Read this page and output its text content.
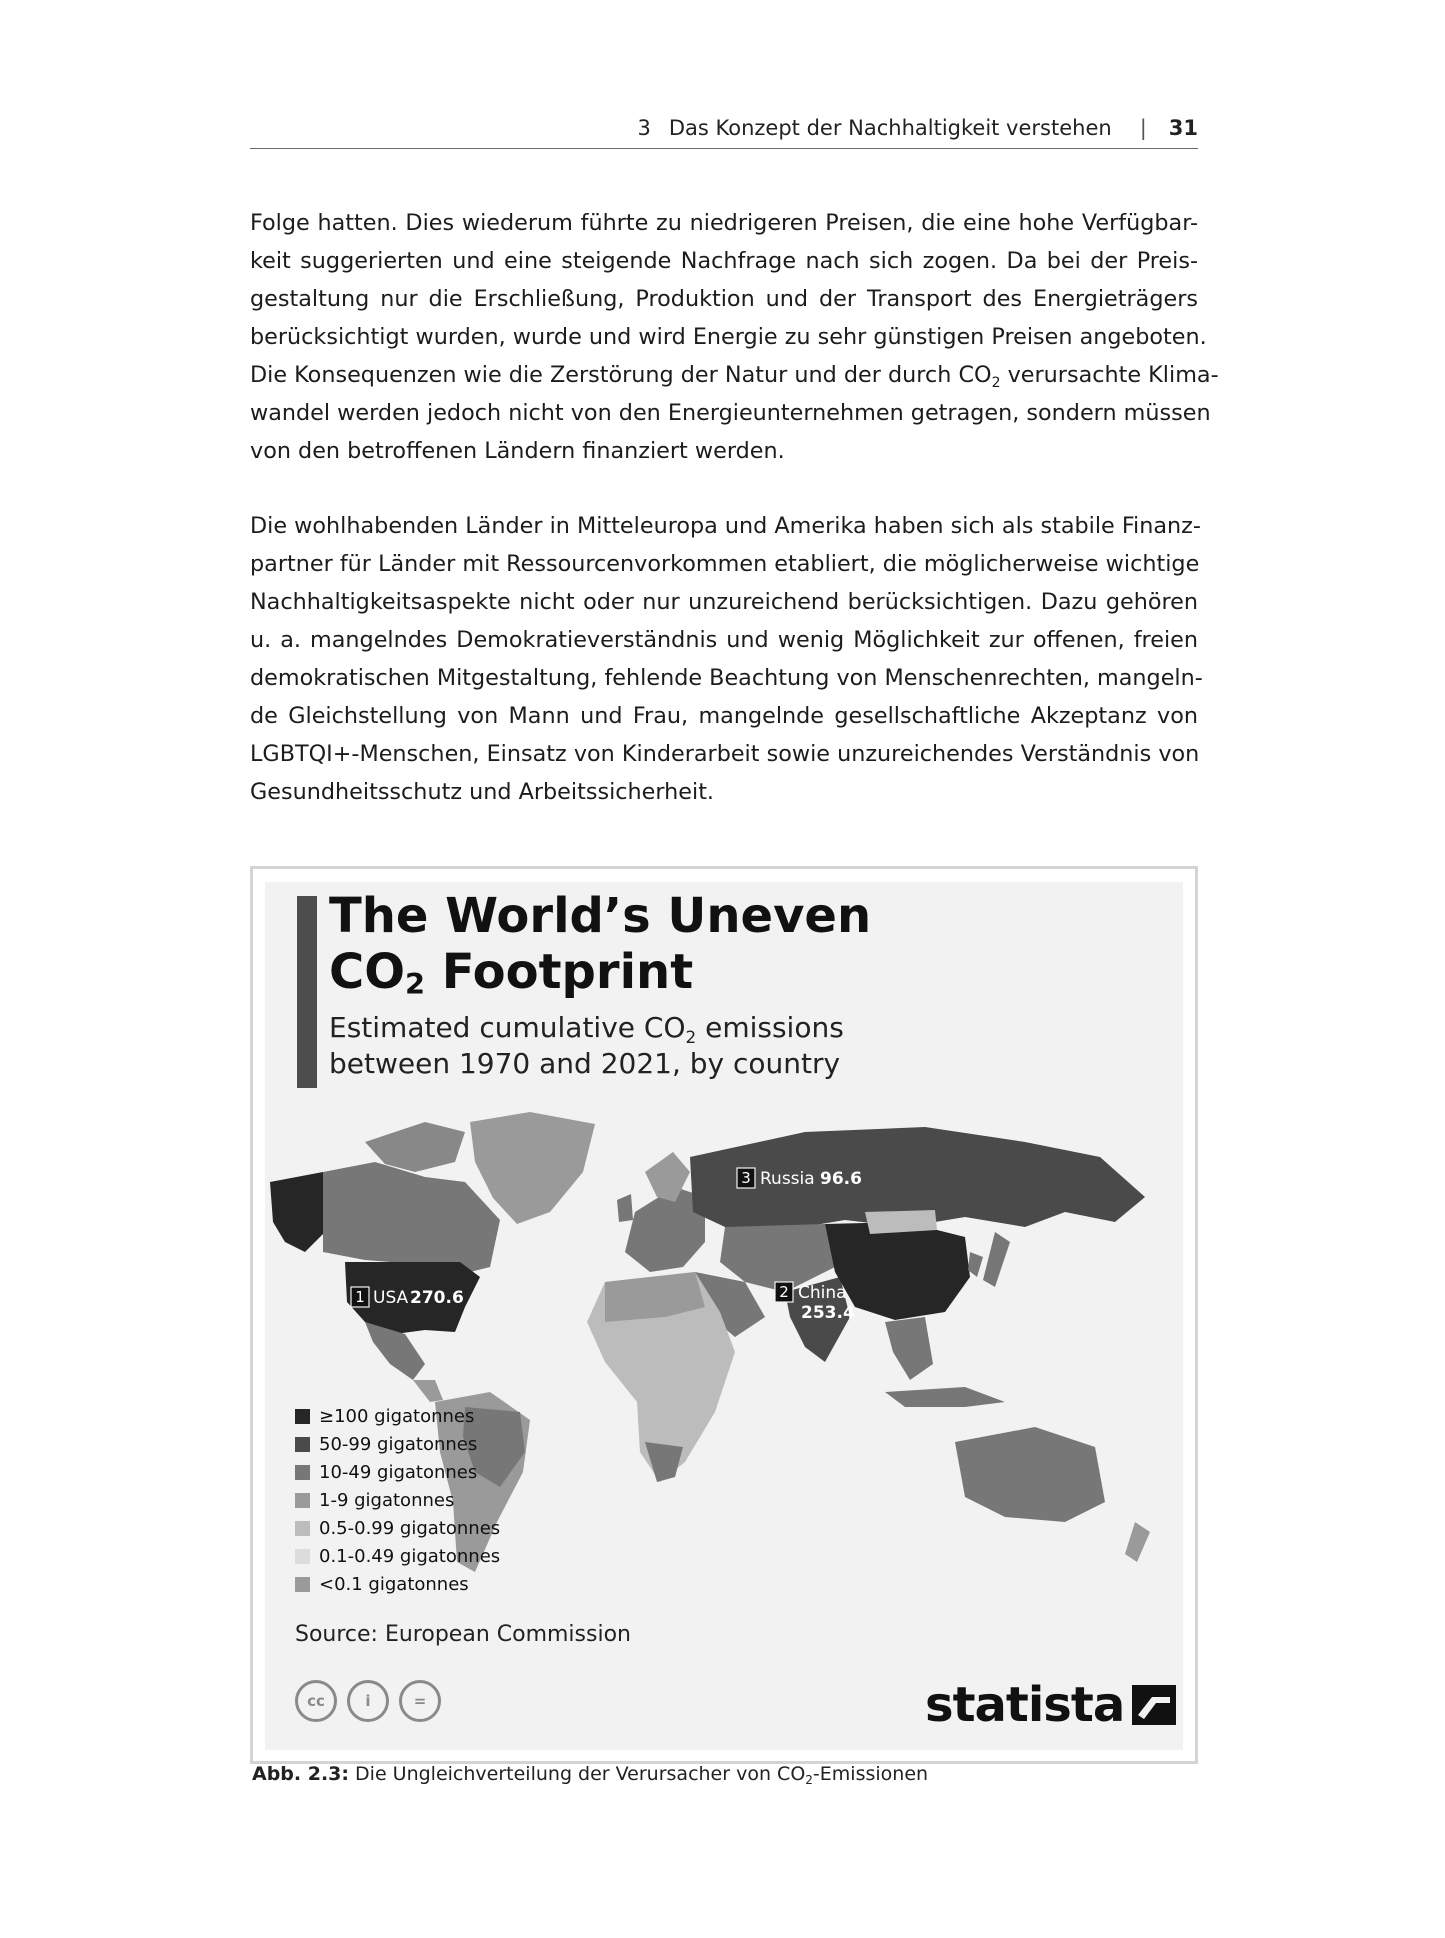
3 Das Konzept der Nachhaltigkeit verstehen | 31

Folge hatten. Dies wiederum führte zu niedrigeren Preisen, die eine hohe Verfügbar-
keit suggerierten und eine steigende Nachfrage nach sich zogen. Da bei der Preis-
gestaltung nur die Erschließung, Produktion und der Transport des Energieträgers
berücksichtigt wurden, wurde und wird Energie zu sehr günstigen Preisen angeboten.
Die Konsequenzen wie die Zerstörung der Natur und der durch $CO_2$ verursachte Klima-
wandel werden jedoch nicht von den Energieunternehmen getragen, sondern müssen
von den betroffenen Ländern finanziert werden.

Die wohlhabenden Länder in Mitteleuropa und Amerika haben sich als stabile Finanz-
partner für Länder mit Ressourcenvorkommen etabliert, die möglicherweise wichtige
Nachhaltigkeitsaspekte nicht oder nur unzureichend berücksichtigen. Dazu gehören
u. a. mangelndes Demokratieverständnis und wenig Möglichkeit zur offenen, freien
demokratischen Mitgestaltung, fehlende Beachtung von Menschenrechten, mangeln-
de Gleichstellung von Mann und Frau, mangelnde gesellschaftliche Akzeptanz von
LGBTQI+-Menschen, Einsatz von Kinderarbeit sowie unzureichendes Verständnis von
Gesundheitsschutz und Arbeitssicherheit.

The World’s Uneven
$CO_2$ Footprint
Estimated cumulative $CO_2$ emissions
between 1970 and 2021, by country
1 USA 270.6	2 China
253.4
3 Russia 96.6
≥100 gigatonnes
50-99 gigatonnes
10-49 gigatonnes
1-9 gigatonnes
0.5-0.99 gigatonnes
0.1-0.49 gigatonnes
<0.1 gigatonnes
Source: European Commission
cc	i	=	statista
Abb. 2.3: Die Ungleichverteilung der Verursacher von $CO_2$-Emissionen
